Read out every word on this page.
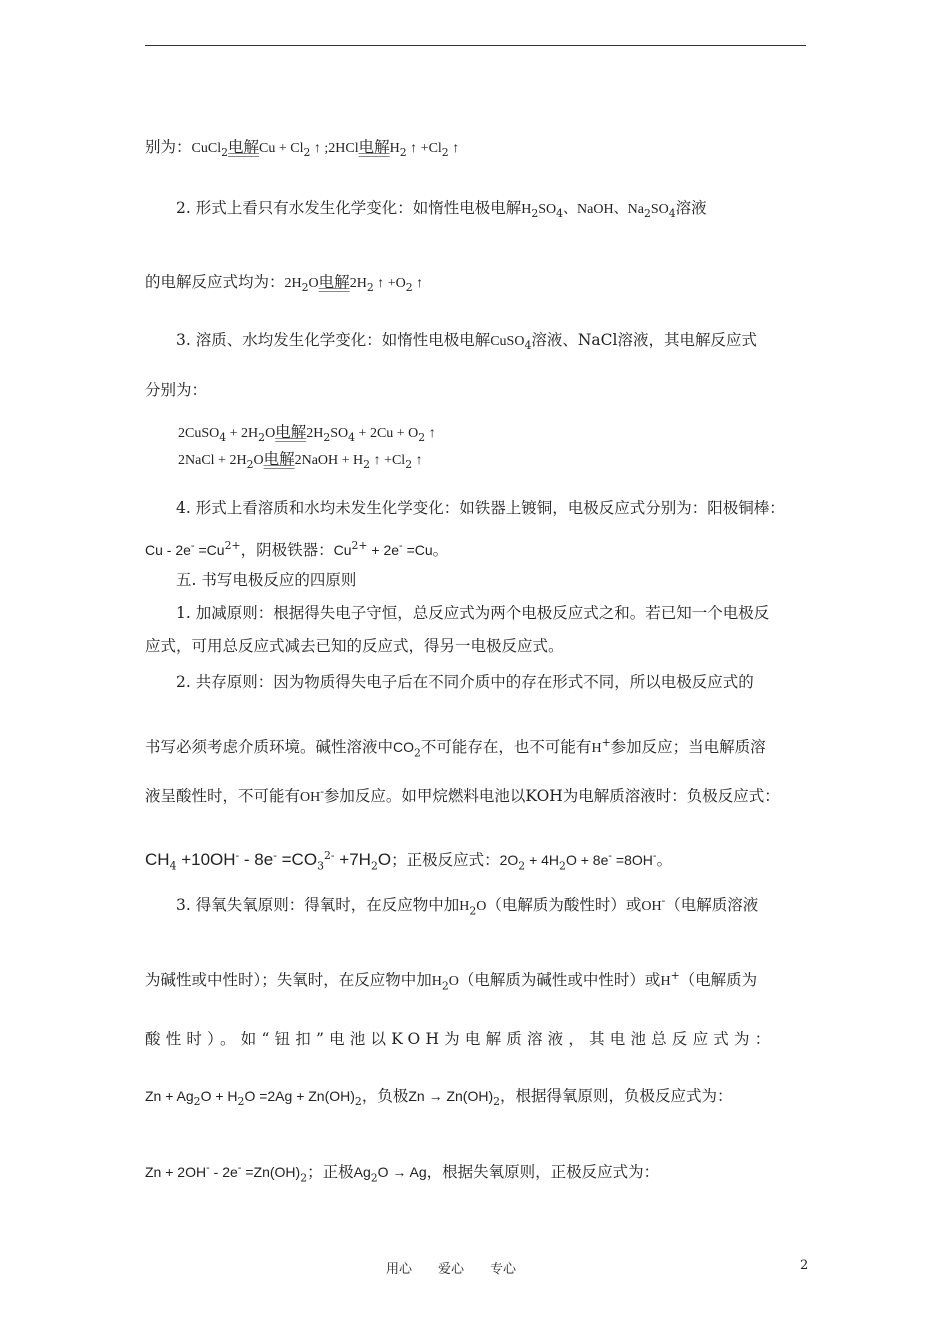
别为：CuCl$_2$电解$Cu + Cl_2$ ↑ ;2HCl电解$H_2$ ↑ $+Cl_2$ ↑
2. 形式上看只有水发生化学变化：如惰性电极电解$H_2SO_4$、NaOH、$Na_2SO_4$溶液
的电解反应式均为：$2H_2O$电解$2H_2$ ↑ $+O_2$ ↑
3. 溶质、水均发生化学变化：如惰性电极电解CuSO$_4$溶液、NaCl溶液，其电解反应式
分别为：
2CuSO$_4$ + $2H_2O$电解$2H_2SO_4 + 2Cu + O_2$ ↑
2NaCl + $2H_2O$电解2NaOH + $H_2$ ↑ $+Cl_2$ ↑
4. 形式上看溶质和水均未发生化学变化：如铁器上镀铜，电极反应式分别为：阳极铜棒：
$Cu - 2e^- =Cu^{2+}$，阴极铁器：$Cu^{2+} + 2e^- =Cu$。
五. 书写电极反应的四原则
1. 加减原则：根据得失电子守恒，总反应式为两个电极反应式之和。若已知一个电极反
应式，可用总反应式减去已知的反应式，得另一电极反应式。
2. 共存原则：因为物质得失电子后在不同介质中的存在形式不同，所以电极反应式的
书写必须考虑介质环境。碱性溶液中$CO_2$不可能存在，也不可能有H+参加反应；当电解质溶
液呈酸性时，不可能有OH-参加反应。如甲烷燃料电池以KOH为电解质溶液时：负极反应式：
$CH_4 +10OH^- - 8e^- =CO_3^{2-} +7H_2O$；正极反应式：$2O_2 + 4H_2O + 8e^- =8OH^-$。
3. 得氧失氧原则：得氧时，在反应物中加$H_2O$（电解质为酸性时）或OH-（电解质溶液
为碱性或中性时）；失氧时，在反应物中加$H_2O$（电解质为碱性或中性时）或H+（电解质为
酸性时）。如“钮扣”电池以KOH为电解质溶液，其电池总反应式为：
$Zn + Ag_2O + H_2O =2Ag + Zn(OH)_2$，负极$Zn \to Zn(OH)_2$，根据得氧原则，负极反应式为：
$Zn + 2OH^- - 2e^- =Zn(OH)_2$；正极$Ag_2O \to Ag$，根据失氧原则，正极反应式为：
用心　　爱心　　专心	2
